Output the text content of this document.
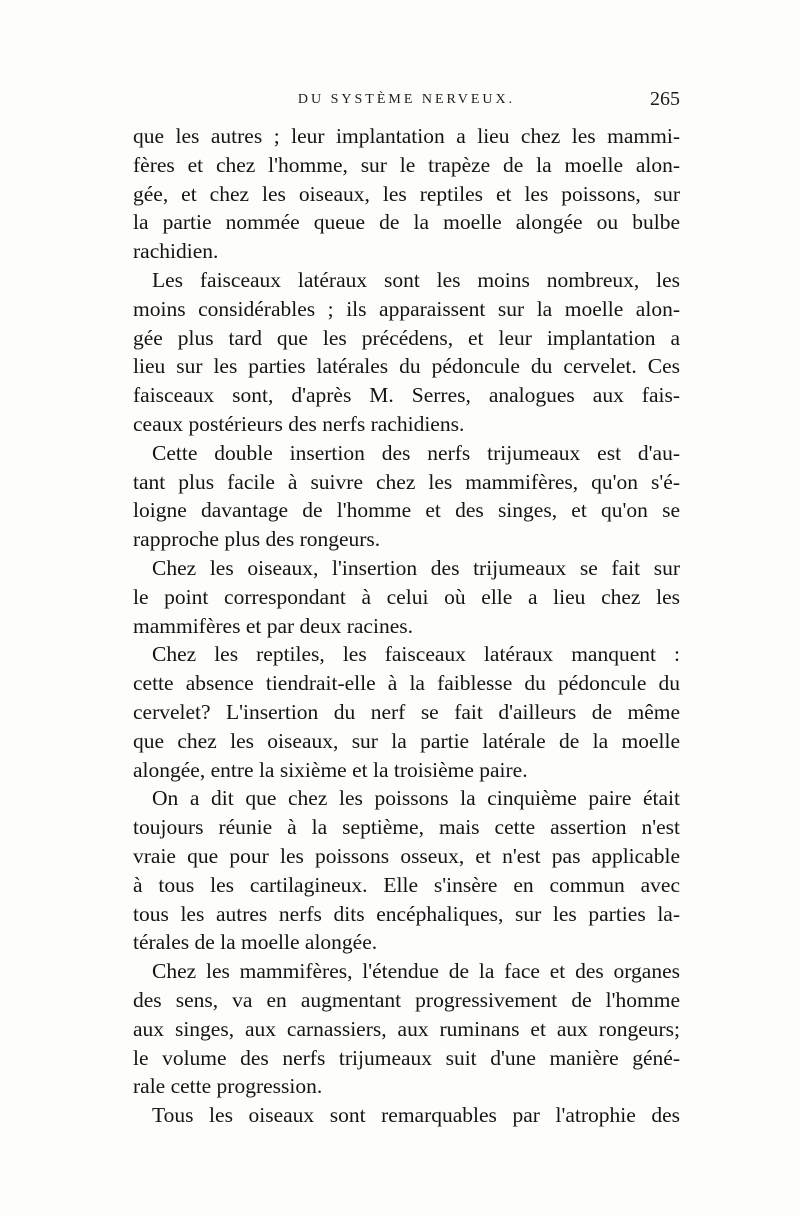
DU SYSTÈME NERVEUX.	265
que les autres ; leur implantation a lieu chez les mammi-
fères et chez l'homme, sur le trapèze de la moelle alon-
gée, et chez les oiseaux, les reptiles et les poissons, sur
la partie nommée queue de la moelle alongée ou bulbe
rachidien.
Les faisceaux latéraux sont les moins nombreux, les
moins considérables ; ils apparaissent sur la moelle alon-
gée plus tard que les précédens, et leur implantation a
lieu sur les parties latérales du pédoncule du cervelet. Ces
faisceaux sont, d'après M. Serres, analogues aux fais-
ceaux postérieurs des nerfs rachidiens.
Cette double insertion des nerfs trijumeaux est d'au-
tant plus facile à suivre chez les mammifères, qu'on s'é-
loigne davantage de l'homme et des singes, et qu'on se
rapproche plus des rongeurs.
Chez les oiseaux, l'insertion des trijumeaux se fait sur
le point correspondant à celui où elle a lieu chez les
mammifères et par deux racines.
Chez les reptiles, les faisceaux latéraux manquent :
cette absence tiendrait-elle à la faiblesse du pédoncule du
cervelet? L'insertion du nerf se fait d'ailleurs de même
que chez les oiseaux, sur la partie latérale de la moelle
alongée, entre la sixième et la troisième paire.
On a dit que chez les poissons la cinquième paire était
toujours réunie à la septième, mais cette assertion n'est
vraie que pour les poissons osseux, et n'est pas applicable
à tous les cartilagineux. Elle s'insère en commun avec
tous les autres nerfs dits encéphaliques, sur les parties la-
térales de la moelle alongée.
Chez les mammifères, l'étendue de la face et des organes
des sens, va en augmentant progressivement de l'homme
aux singes, aux carnassiers, aux ruminans et aux rongeurs;
le volume des nerfs trijumeaux suit d'une manière géné-
rale cette progression.
Tous les oiseaux sont remarquables par l'atrophie des
